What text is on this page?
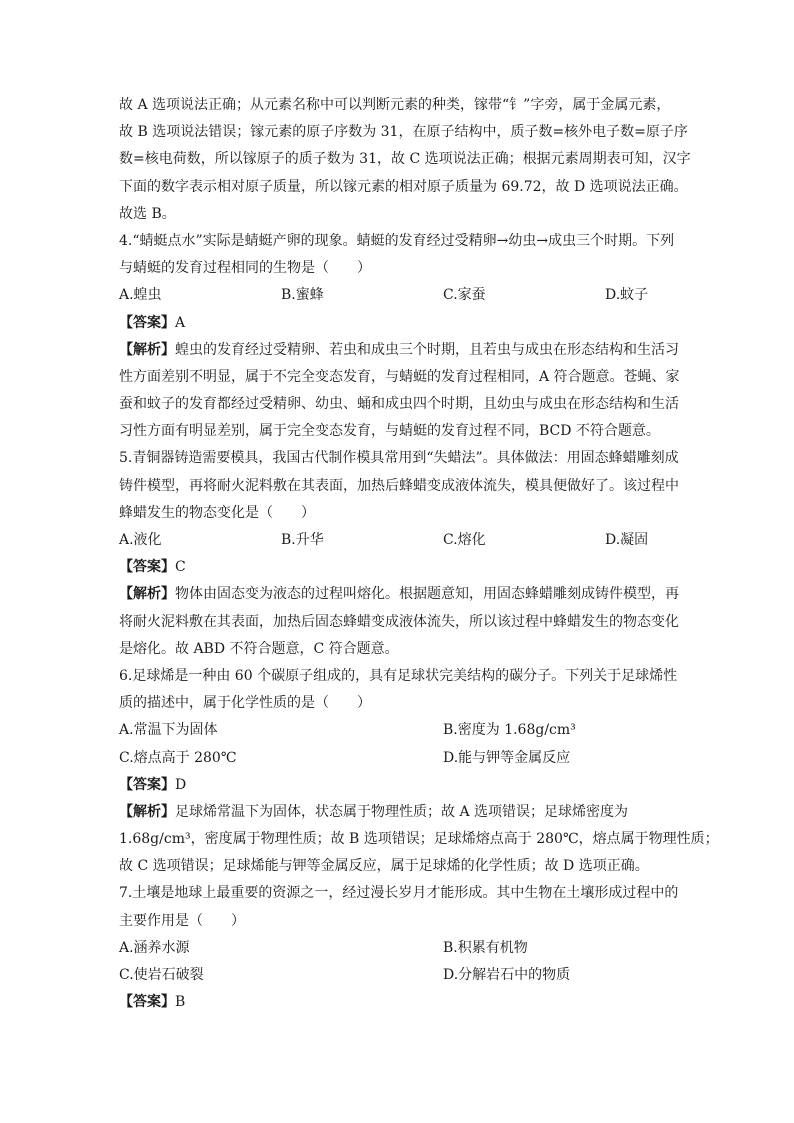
故 A 选项说法正确；从元素名称中可以判断元素的种类，镓带“钅”字旁，属于金属元素，
故 B 选项说法错误；镓元素的原子序数为 31，在原子结构中，质子数=核外电子数=原子序
数=核电荷数，所以镓原子的质子数为 31，故 C 选项说法正确；根据元素周期表可知，汉字
下面的数字表示相对原子质量，所以镓元素的相对原子质量为 69.72，故 D 选项说法正确。
故选 B。
4.“蜻蜓点水”实际是蜻蜓产卵的现象。蜻蜓的发育经过受精卵→幼虫→成虫三个时期。下列
与蜻蜓的发育过程相同的生物是（　　）
A.蝗虫	B.蜜蜂	C.家蚕	D.蚊子
【答案】A
【解析】蝗虫的发育经过受精卵、若虫和成虫三个时期，且若虫与成虫在形态结构和生活习
性方面差别不明显，属于不完全变态发育，与蜻蜓的发育过程相同，A 符合题意。苍蝇、家
蚕和蚊子的发育都经过受精卵、幼虫、蛹和成虫四个时期，且幼虫与成虫在形态结构和生活
习性方面有明显差别，属于完全变态发育，与蜻蜓的发育过程不同，BCD 不符合题意。
5.青铜器铸造需要模具，我国古代制作模具常用到“失蜡法”。具体做法：用固态蜂蜡雕刻成
铸件模型，再将耐火泥料敷在其表面，加热后蜂蜡变成液体流失，模具便做好了。该过程中
蜂蜡发生的物态变化是（　　）
A.液化	B.升华	C.熔化	D.凝固
【答案】C
【解析】物体由固态变为液态的过程叫熔化。根据题意知，用固态蜂蜡雕刻成铸件模型，再
将耐火泥料敷在其表面，加热后固态蜂蜡变成液体流失，所以该过程中蜂蜡发生的物态变化
是熔化。故 ABD 不符合题意，C 符合题意。
6.足球烯是一种由 60 个碳原子组成的，具有足球状完美结构的碳分子。下列关于足球烯性
质的描述中，属于化学性质的是（　　）
A.常温下为固体	B.密度为 1.68g/cm³
C.熔点高于 280℃	D.能与钾等金属反应
【答案】D
【解析】足球烯常温下为固体，状态属于物理性质；故 A 选项错误；足球烯密度为
1.68g/cm³，密度属于物理性质；故 B 选项错误；足球烯熔点高于 280℃，熔点属于物理性质；
故 C 选项错误；足球烯能与钾等金属反应，属于足球烯的化学性质；故 D 选项正确。
7.土壤是地球上最重要的资源之一，经过漫长岁月才能形成。其中生物在土壤形成过程中的
主要作用是（　　）
A.涵养水源	B.积累有机物
C.使岩石破裂	D.分解岩石中的物质
【答案】B
